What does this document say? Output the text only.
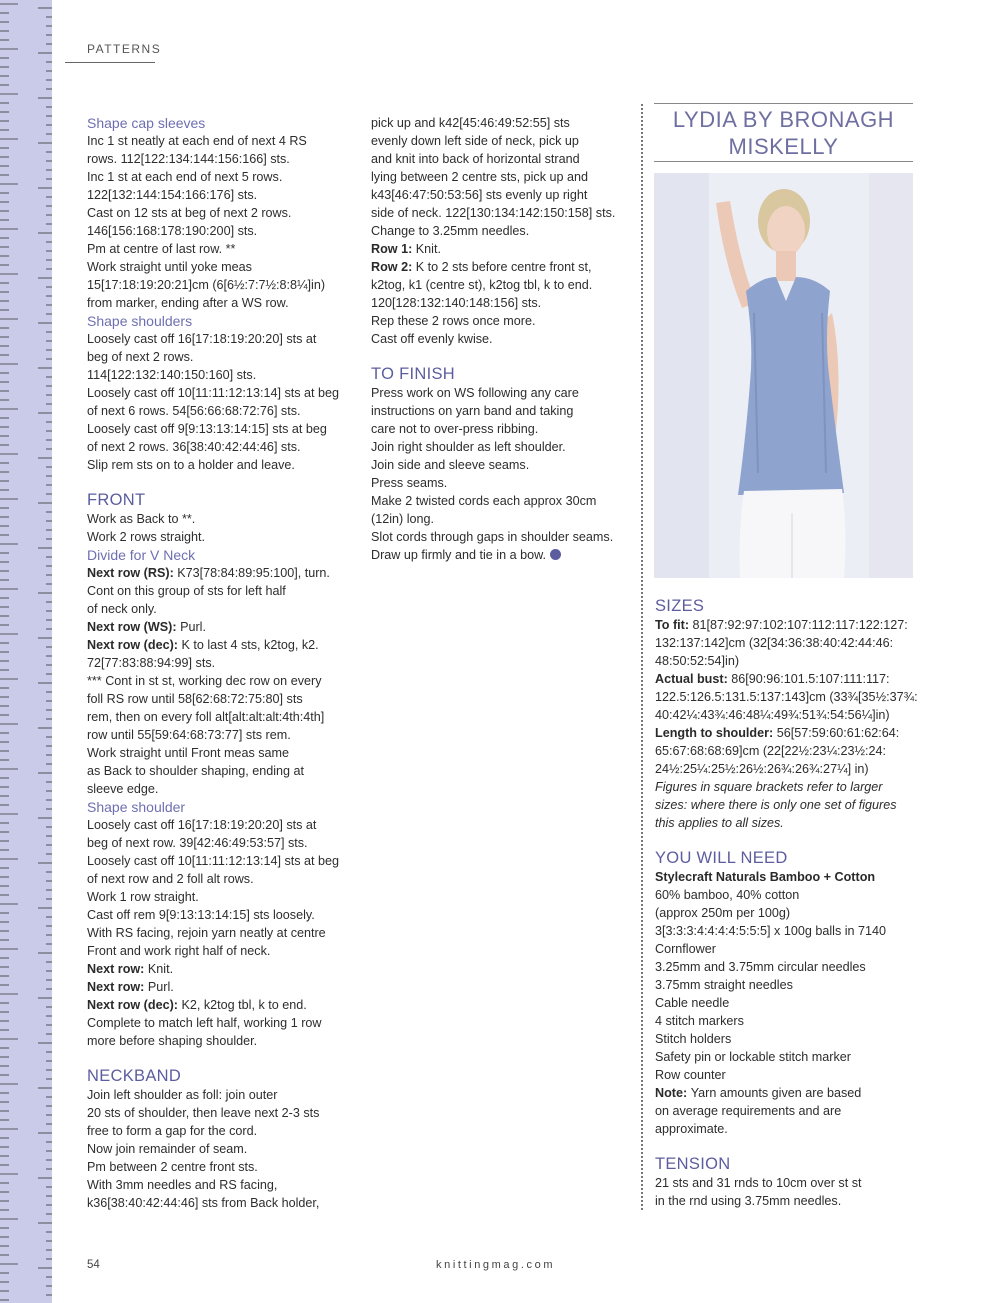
PATTERNS

Shape cap sleeves

Inc 1 st neatly at each end of next 4 RS
rows. 112[122:134:144:156:166] sts.
Inc 1 st at each end of next 5 rows.
122[132:144:154:166:176] sts.
Cast on 12 sts at beg of next 2 rows.
146[156:168:178:190:200] sts.
Pm at centre of last row. **
Work straight until yoke meas
15[17:18:19:20:21]cm (6[6½:7:7½:8:8¼]in)
from marker, ending after a WS row.

Shape shoulders

Loosely cast off 16[17:18:19:20:20] sts at
beg of next 2 rows.
114[122:132:140:150:160] sts.
Loosely cast off 10[11:11:12:13:14] sts at beg
of next 6 rows. 54[56:66:68:72:76] sts.
Loosely cast off 9[9:13:13:14:15] sts at beg
of next 2 rows. 36[38:40:42:44:46] sts.
Slip rem sts on to a holder and leave.

FRONT

Work as Back to **.
Work 2 rows straight.

Divide for V Neck

Next row (RS): K73[78:84:89:95:100], turn.
Cont on this group of sts for left half
of neck only.

Next row (WS): Purl.

Next row (dec): K to last 4 sts, k2tog, k2.
72[77:83:88:94:99] sts.

*** Cont in st st, working dec row on every
foll RS row until 58[62:68:72:75:80] sts
rem, then on every foll alt[alt:alt:alt:4th:4th]
row until 55[59:64:68:73:77] sts rem.
Work straight until Front meas same
as Back to shoulder shaping, ending at
sleeve edge.

Shape shoulder

Loosely cast off 16[17:18:19:20:20] sts at
beg of next row. 39[42:46:49:53:57] sts.
Loosely cast off 10[11:11:12:13:14] sts at beg
of next row and 2 foll alt rows.
Work 1 row straight.
Cast off rem 9[9:13:13:14:15] sts loosely.
With RS facing, rejoin yarn neatly at centre
Front and work right half of neck.

Next row: Knit.

Next row: Purl.

Next row (dec): K2, k2tog tbl, k to end.

Complete to match left half, working 1 row
more before shaping shoulder.

NECKBAND

Join left shoulder as foll: join outer
20 sts of shoulder, then leave next 2-3 sts
free to form a gap for the cord.
Now join remainder of seam.
Pm between 2 centre front sts.
With 3mm needles and RS facing,
k36[38:40:42:44:46] sts from Back holder,

pick up and k42[45:46:49:52:55] sts
evenly down left side of neck, pick up
and knit into back of horizontal strand
lying between 2 centre sts, pick up and
k43[46:47:50:53:56] sts evenly up right
side of neck. 122[130:134:142:150:158] sts.
Change to 3.25mm needles.

Row 1: Knit.

Row 2: K to 2 sts before centre front st,
k2tog, k1 (centre st), k2tog tbl, k to end.
120[128:132:140:148:156] sts.

Rep these 2 rows once more.
Cast off evenly kwise.

TO FINISH

Press work on WS following any care
instructions on yarn band and taking
care not to over-press ribbing.
Join right shoulder as left shoulder.
Join side and sleeve seams.
Press seams.
Make 2 twisted cords each approx 30cm
(12in) long.
Slot cords through gaps in shoulder seams.
Draw up firmly and tie in a bow.

LYDIA BY BRONAGH
MISKELLY

SIZES

To fit: 81[87:92:97:102:107:112:117:122:127:
132:137:142]cm (32[34:36:38:40:42:44:46:
48:50:52:54]in)

Actual bust: 86[90:96:101.5:107:111:117:
122.5:126.5:131.5:137:143]cm (33¾[35½:37¾:
40:42¼:43¾:46:48¼:49¾:51¾:54:56¼]in)

Length to shoulder: 56[57:59:60:61:62:64:
65:67:68:68:69]cm (22[22½:23¼:23½:24:
24½:25¼:25½:26½:26¾:26¾:27¼] in)

Figures in square brackets refer to larger
sizes: where there is only one set of figures
this applies to all sizes.

YOU WILL NEED

Stylecraft Naturals Bamboo + Cotton

60% bamboo, 40% cotton
(approx 250m per 100g)
3[3:3:3:4:4:4:4:5:5:5] x 100g balls in 7140
Cornflower
3.25mm and 3.75mm circular needles
3.75mm straight needles
Cable needle
4 stitch markers
Stitch holders
Safety pin or lockable stitch marker
Row counter

Note: Yarn amounts given are based
on average requirements and are
approximate.

TENSION

21 sts and 31 rnds to 10cm over st st
in the rnd using 3.75mm needles.

54	knittingmag.com
